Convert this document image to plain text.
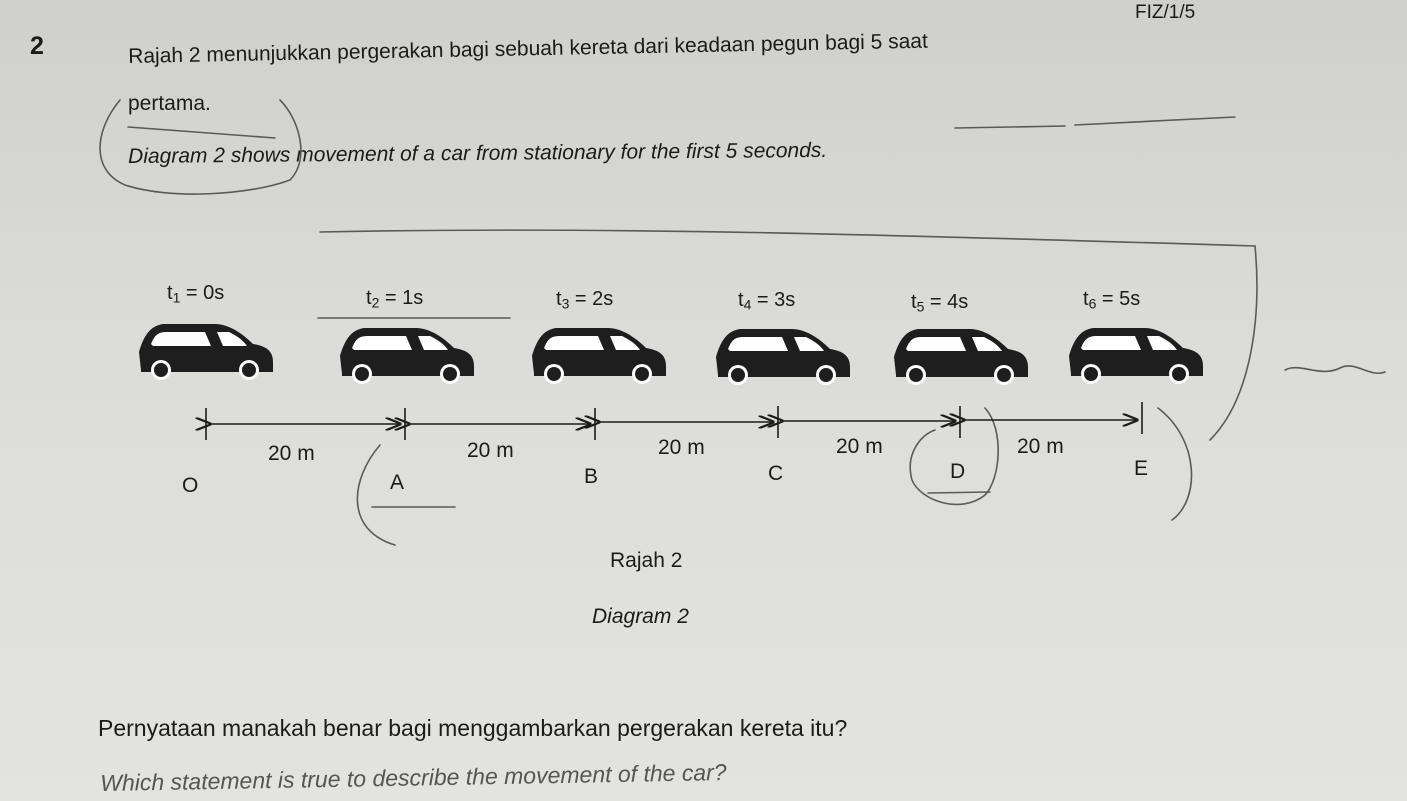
FIZ/1/5
2	Rajah 2 menunjukkan pergerakan bagi sebuah kereta dari keadaan pegun bagi 5 saat
pertama.
Diagram 2 shows movement of a car from stationary for the first 5 seconds.
$t_1 = 0s$	$t_2 = 1s$	$t_3 = 2s$	$t_4 = 3s$	$t_5 = 4s$	$t_6 = 5s$
20 m	20 m	20 m	20 m	20 m
O	A	B	C	D	E
Rajah 2
Diagram 2
Pernyataan manakah benar bagi menggambarkan pergerakan kereta itu?
Which statement is true to describe the movement of the car?
